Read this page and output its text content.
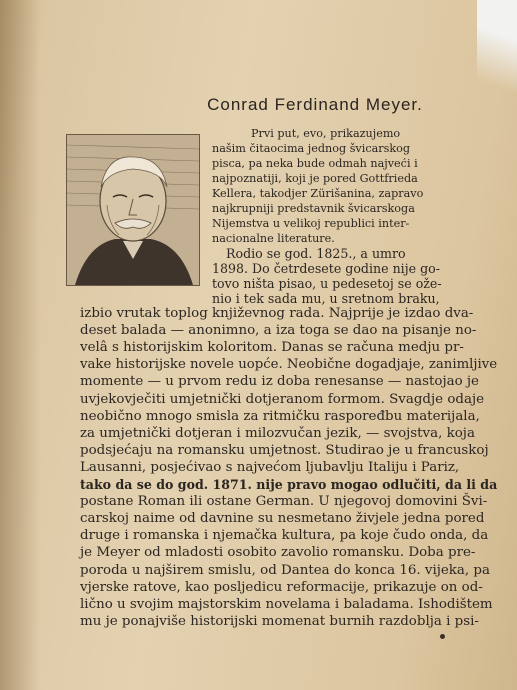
Conrad Ferdinand Meyer.
Prvi put, evo, prikazujemo
našim čitaocima jednog švicarskog
pisca, pa neka bude odmah najveći i
najpoznatiji, koji je pored Gottfrieda
Kellera, takodjer Zürišanina, zapravo
najkrupniji predstavnik švicarskoga
Nijemstva u velikoj republici inter-
nacionalne literature.
Rodio se god. 1825., a umro
1898. Do četrdesete godine nije go-
tovo ništa pisao, u pedesetoj se ože-
nio i tek sada mu, u sretnom braku,
izbio vrutak toplog književnog rada. Najprije je izdao dva-
deset balada — anonimno, a iza toga se dao na pisanje no-
velâ s historijskim koloritom. Danas se računa medju pr-
vake historijske novele uopće. Neobične dogadjaje, zanimljive
momente — u prvom redu iz doba renesanse — nastojao je
uvjekovječiti umjetnički dotjeranom formom. Svagdje odaje
neobično mnogo smisla za ritmičku raspoređbu materijala,
za umjetnički dotjeran i milozvučan jezik, — svojstva, koja
podsjećaju na romansku umjetnost. Studirao je u francuskoj
Lausanni, posjećivao s najvećom ljubavlju Italiju i Pariz,
tako da se do god. 1871. nije pravo mogao odlučiti, da li da
postane Roman ili ostane German. U njegovoj domovini Švi-
carskoj naime od davnine su nesmetano živjele jedna pored
druge i romanska i njemačka kultura, pa koje čudo onda, da
je Meyer od mladosti osobito zavolio romansku. Doba pre-
poroda u najširem smislu, od Dantea do konca 16. vijeka, pa
vjerske ratove, kao posljedicu reformacije, prikazuje on od-
lično u svojim majstorskim novelama i baladama. Ishodištem
mu je ponajviše historijski momenat burnih razdoblja i psi-
